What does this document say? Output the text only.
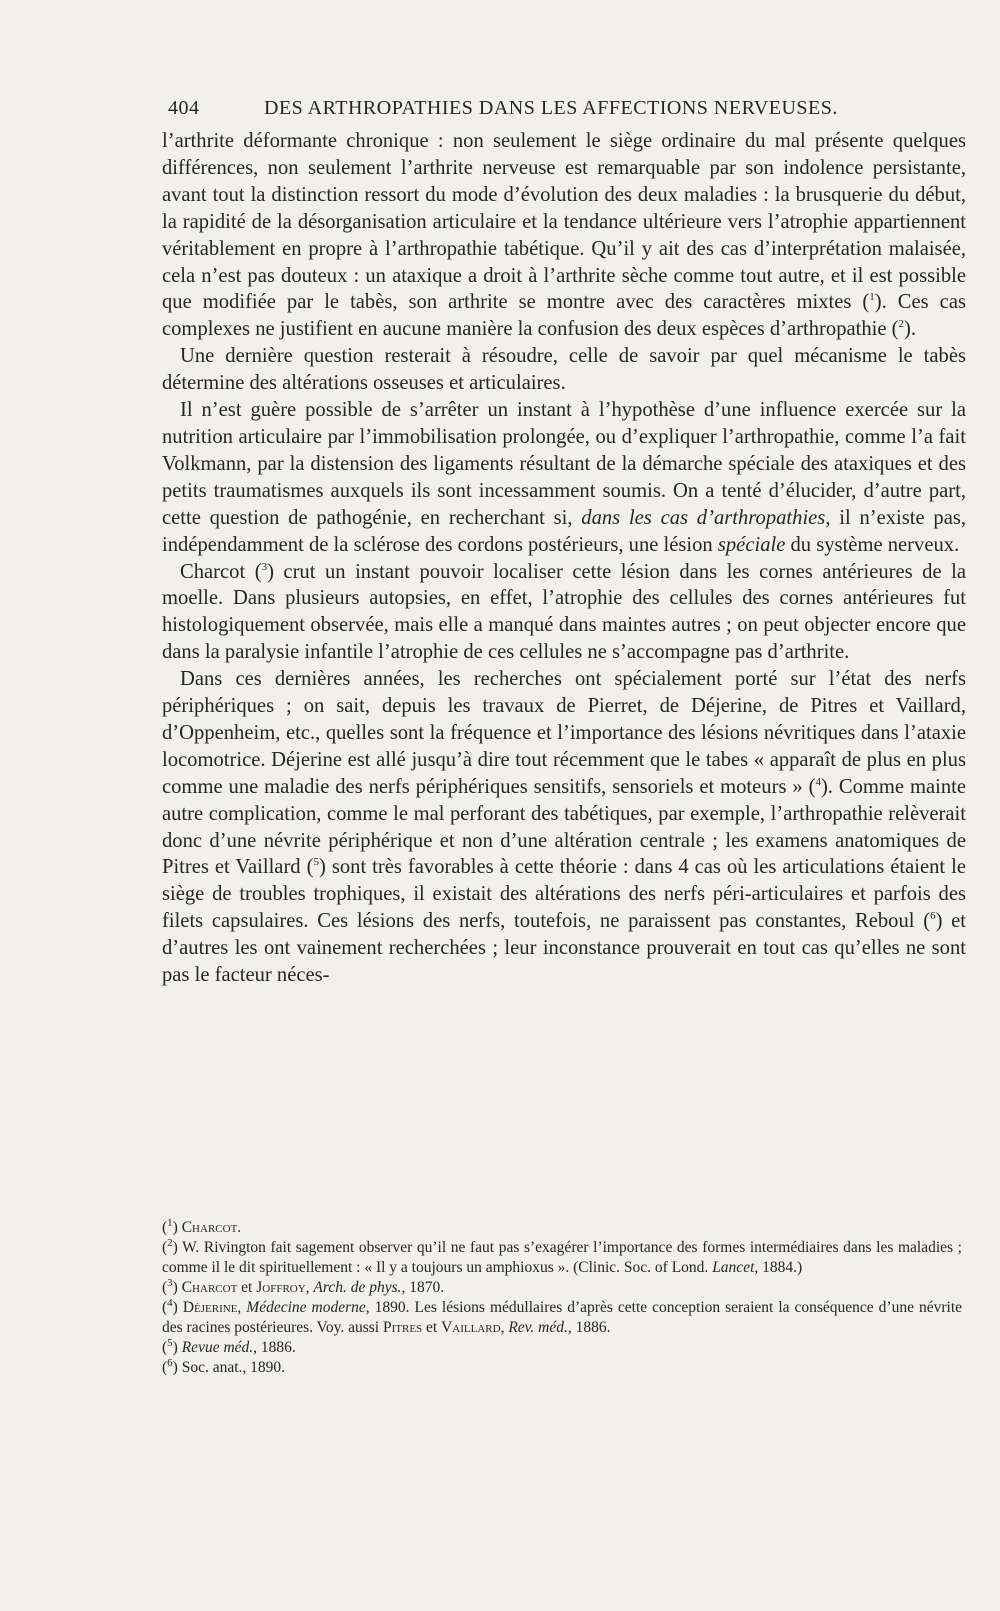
404	DES ARTHROPATHIES DANS LES AFFECTIONS NERVEUSES.

l’arthrite déformante chronique : non seulement le siège ordinaire du mal présente quelques différences, non seulement l’arthrite nerveuse est remarquable par son indolence persistante, avant tout la distinction ressort du mode d’évolution des deux maladies : la brusquerie du début, la rapidité de la désorganisation articulaire et la tendance ultérieure vers l’atrophie appartiennent véritablement en propre à l’arthropathie tabétique. Qu’il y ait des cas d’interprétation malaisée, cela n’est pas douteux : un ataxique a droit à l’arthrite sèche comme tout autre, et il est possible que modifiée par le tabès, son arthrite se montre avec des caractères mixtes ($^1$). Ces cas complexes ne justifient en aucune manière la confusion des deux espèces d’arthropathie ($^2$).

Une dernière question resterait à résoudre, celle de savoir par quel mécanisme le tabès détermine des altérations osseuses et articulaires.

Il n’est guère possible de s’arrêter un instant à l’hypothèse d’une influence exercée sur la nutrition articulaire par l’immobilisation prolongée, ou d’expliquer l’arthropathie, comme l’a fait Volkmann, par la distension des ligaments résultant de la démarche spéciale des ataxiques et des petits traumatismes auxquels ils sont incessamment soumis. On a tenté d’élucider, d’autre part, cette question de pathogénie, en recherchant si, dans les cas d’arthropathies, il n’existe pas, indépendamment de la sclérose des cordons postérieurs, une lésion spéciale du système nerveux.

Charcot ($^3$) crut un instant pouvoir localiser cette lésion dans les cornes antérieures de la moelle. Dans plusieurs autopsies, en effet, l’atrophie des cellules des cornes antérieures fut histologiquement observée, mais elle a manqué dans maintes autres ; on peut objecter encore que dans la paralysie infantile l’atrophie de ces cellules ne s’accompagne pas d’arthrite.

Dans ces dernières années, les recherches ont spécialement porté sur l’état des nerfs périphériques ; on sait, depuis les travaux de Pierret, de Déjerine, de Pitres et Vaillard, d’Oppenheim, etc., quelles sont la fréquence et l’importance des lésions névritiques dans l’ataxie locomotrice. Déjerine est allé jusqu’à dire tout récemment que le tabes « apparaît de plus en plus comme une maladie des nerfs périphériques sensitifs, sensoriels et moteurs » ($^4$). Comme mainte autre complication, comme le mal perforant des tabétiques, par exemple, l’arthropathie relèverait donc d’une névrite périphérique et non d’une altération centrale ; les examens anatomiques de Pitres et Vaillard ($^5$) sont très favorables à cette théorie : dans 4 cas où les articulations étaient le siège de troubles trophiques, il existait des altérations des nerfs péri-articulaires et parfois des filets capsulaires. Ces lésions des nerfs, toutefois, ne paraissent pas constantes, Reboul ($^6$) et d’autres les ont vainement recherchées ; leur inconstance prouverait en tout cas qu’elles ne sont pas le facteur néces-

($^1$) Charcot.

($^2$) W. Rivington fait sagement observer qu’il ne faut pas s’exagérer l’importance des formes intermédiaires dans les maladies ; comme il le dit spirituellement : « Il y a toujours un amphioxus ». (Clinic. Soc. of Lond. Lancet, 1884.)

($^3$) Charcot et Joffroy, Arch. de phys., 1870.

($^4$) Déjerine, Médecine moderne, 1890. Les lésions médullaires d’après cette conception seraient la conséquence d’une névrite des racines postérieures. Voy. aussi Pitres et Vaillard, Rev. méd., 1886.

($^5$) Revue méd., 1886.

($^6$) Soc. anat., 1890.
